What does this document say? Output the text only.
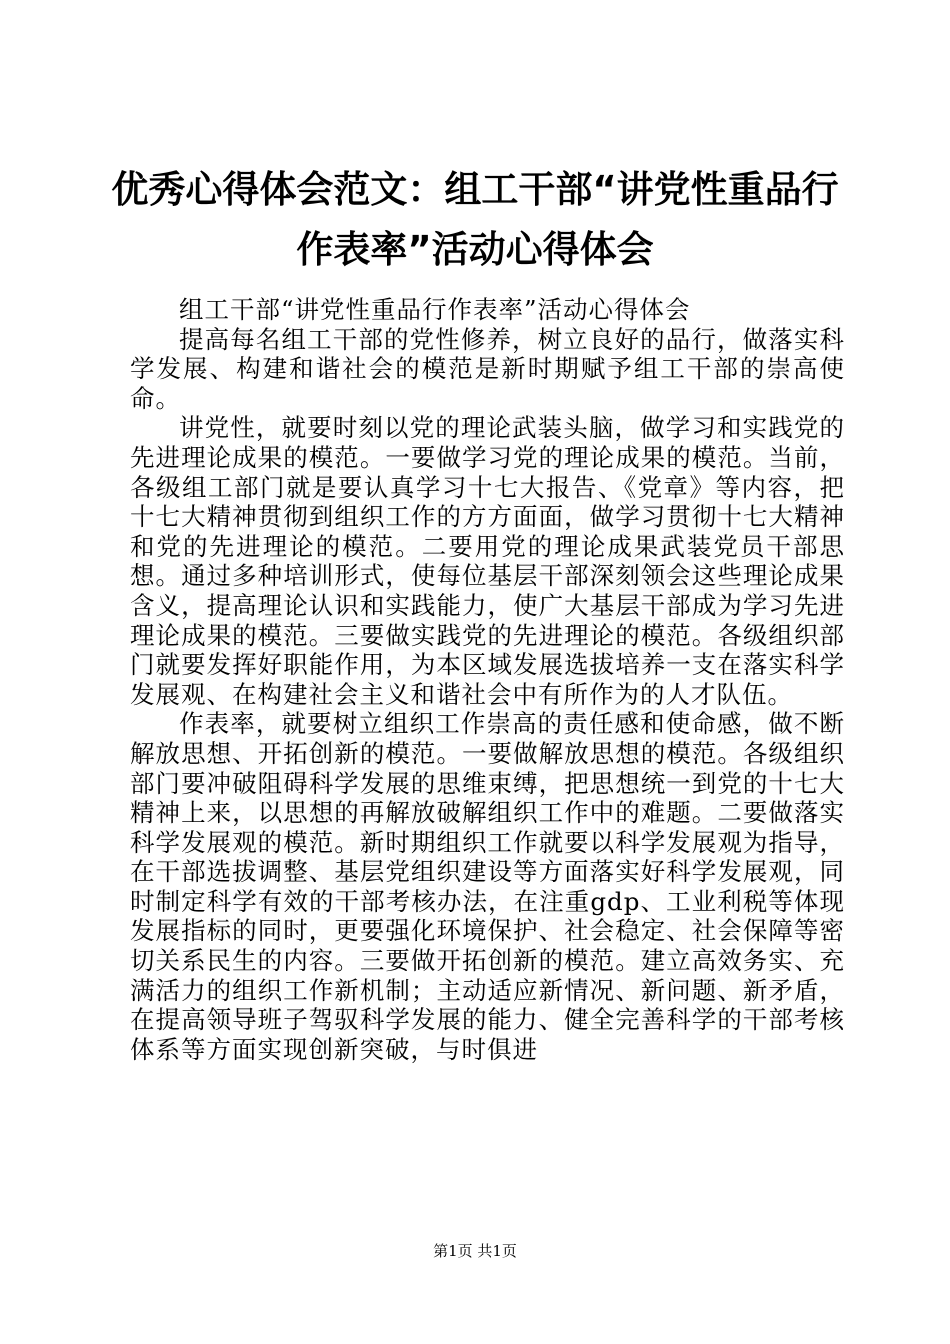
优秀心得体会范文：组工干部“讲党性重品行
作表率”活动心得体会

组工干部“讲党性重品行作表率”活动心得体会

提高每名组工干部的党性修养，树立良好的品行，做落实科学发展、构建和谐社会的模范是新时期赋予组工干部的崇高使命。

讲党性，就要时刻以党的理论武装头脑，做学习和实践党的先进理论成果的模范。一要做学习党的理论成果的模范。当前，各级组工部门就是要认真学习十七大报告、《党章》等内容，把十七大精神贯彻到组织工作的方方面面，做学习贯彻十七大精神和党的先进理论的模范。二要用党的理论成果武装党员干部思想。通过多种培训形式，使每位基层干部深刻领会这些理论成果含义，提高理论认识和实践能力，使广大基层干部成为学习先进理论成果的模范。三要做实践党的先进理论的模范。各级组织部门就要发挥好职能作用，为本区域发展选拔培养一支在落实科学发展观、在构建社会主义和谐社会中有所作为的人才队伍。

作表率，就要树立组织工作崇高的责任感和使命感，做不断解放思想、开拓创新的模范。一要做解放思想的模范。各级组织部门要冲破阻碍科学发展的思维束缚，把思想统一到党的十七大精神上来，以思想的再解放破解组织工作中的难题。二要做落实科学发展观的模范。新时期组织工作就要以科学发展观为指导，在干部选拔调整、基层党组织建设等方面落实好科学发展观，同时制定科学有效的干部考核办法，在注重gdp、工业利税等体现发展指标的同时，更要强化环境保护、社会稳定、社会保障等密切关系民生的内容。三要做开拓创新的模范。建立高效务实、充满活力的组织工作新机制；主动适应新情况、新问题、新矛盾，在提高领导班子驾驭科学发展的能力、健全完善科学的干部考核体系等方面实现创新突破，与时俱进

第1页 共1页
